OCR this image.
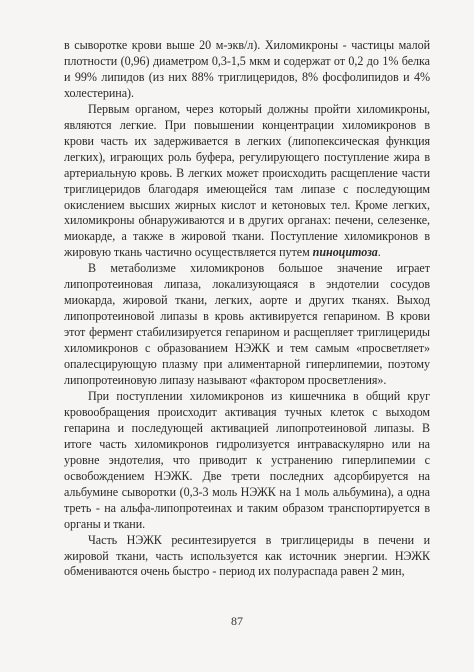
в сыворотке крови выше 20 м-экв/л). Хиломикроны - частицы малой плотности (0,96) диаметром 0,3-1,5 мкм и содержат от 0,2 до 1% белка и 99% липидов (из них 88% триглицеридов, 8% фосфолипидов и 4% холестерина).

Первым органом, через который должны пройти хиломикроны, являются легкие. При повышении концентрации хиломикронов в крови часть их задерживается в легких (липопексическая функция легких), играющих роль буфера, регулирующего поступление жира в артериальную кровь. В легких может происходить расщепление части триглицеридов благодаря имеющейся там липазе с последующим окислением высших жирных кислот и кетоновых тел. Кроме легких, хиломикроны обнаруживаются и в других органах: печени, селезенке, миокарде, а также в жировой ткани. Поступление хиломикронов в жировую ткань частично осуществляется путем пиноцитоза.

В метаболизме хиломикронов большое значение играет липопротеиновая липаза, локализующаяся в эндотелии сосудов миокарда, жировой ткани, легких, аорте и других тканях. Выход липопротеиновой липазы в кровь активируется гепарином. В крови этот фермент стабилизируется гепарином и расщепляет триглицериды хиломикронов с образованием НЭЖК и тем самым «просветляет» опалесцирующую плазму при алиментарной гиперлипемии, поэтому липопротеиновую липазу называют «фактором просветления».

При поступлении хиломикронов из кишечника в общий круг кровообращения происходит активация тучных клеток с выходом гепарина и последующей активацией липопротеиновой липазы. В итоге часть хиломикронов гидролизуется интраваскулярно или на уровне эндотелия, что приводит к устранению гиперлипемии с освобождением НЭЖК. Две трети последних адсорбируется на альбумине сыворотки (0,3-3 моль НЭЖК на 1 моль альбумина), а одна треть - на альфа-липопротеинах и таким образом транспортируется в органы и ткани.

Часть НЭЖК ресинтезируется в триглицериды в печени и жировой ткани, часть используется как источник энергии. НЭЖК обмениваются очень быстро - период их полураспада равен 2 мин,

87
